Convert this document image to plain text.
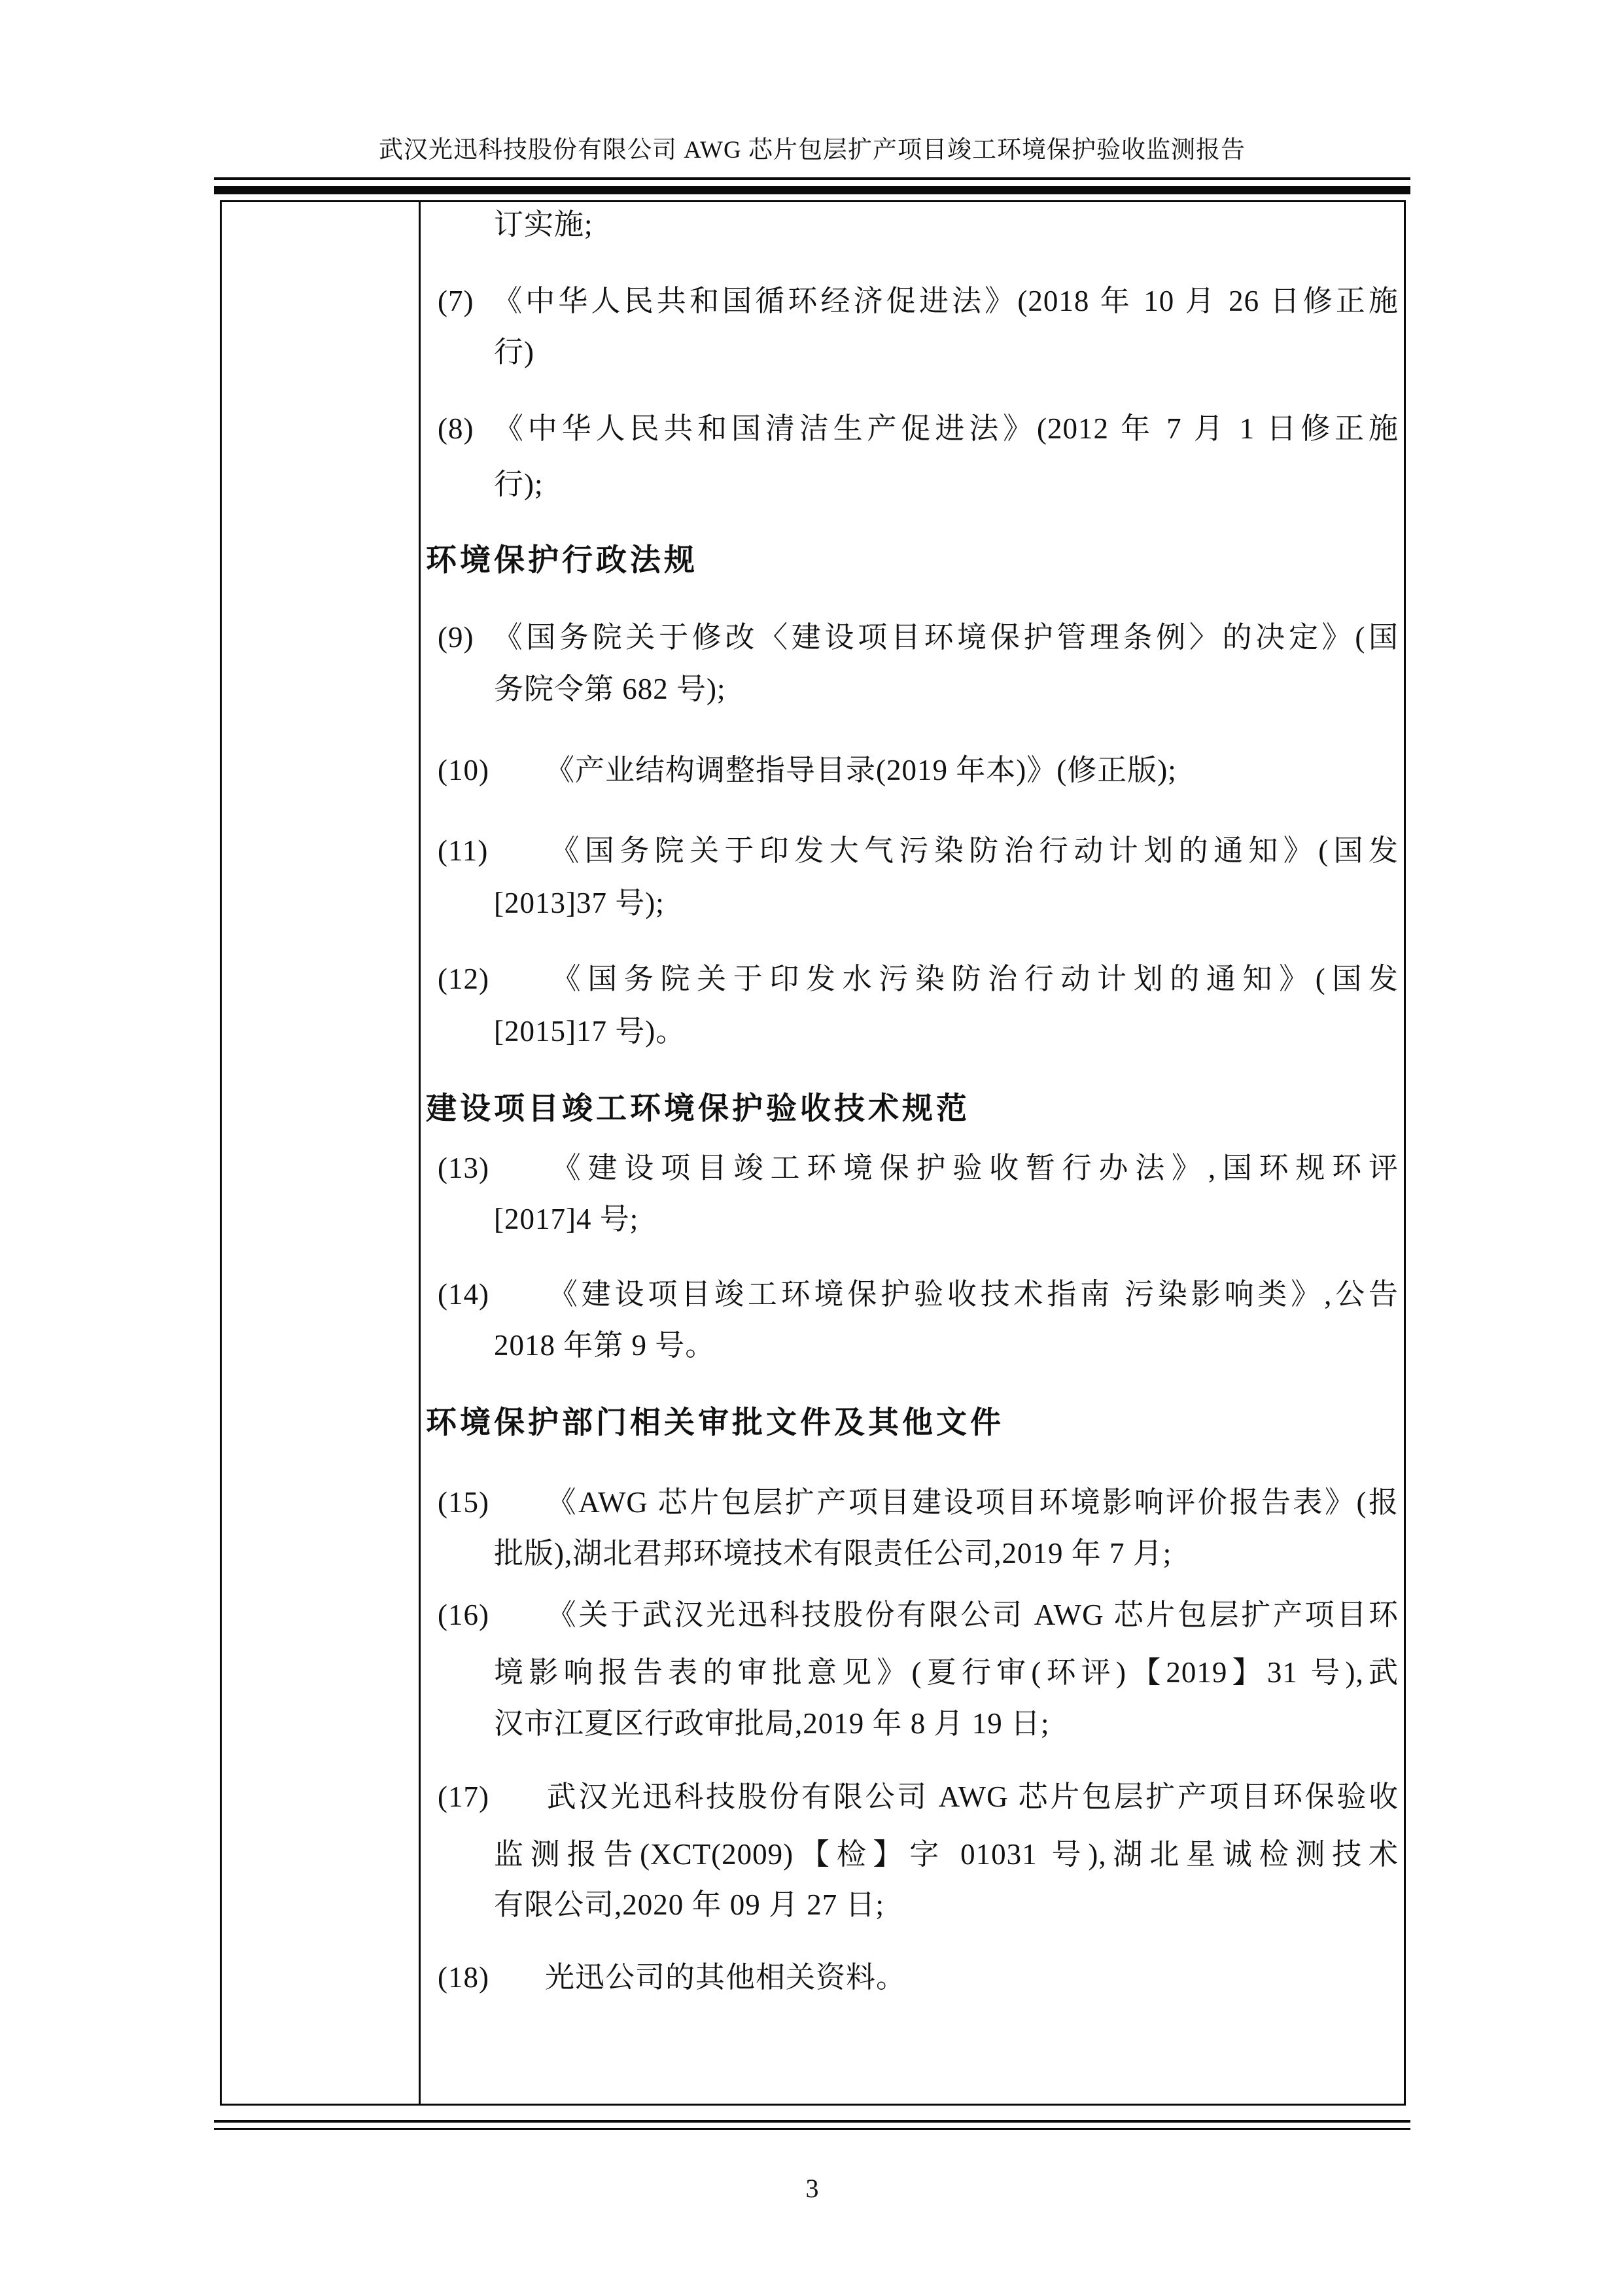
武汉光迅科技股份有限公司 AWG 芯片包层扩产项目竣工环境保护验收监测报告
订实施;
(7) 《中华人民共和国循环经济促进法》(2018 年 10 月 26 日修正施
行)
(8) 《中华人民共和国清洁生产促进法》(2012 年 7 月 1 日修正施
行);
环境保护行政法规
(9) 《国务院关于修改〈建设项目环境保护管理条例〉的决定》(国
务院令第 682 号);
(10) 《产业结构调整指导目录(2019 年本)》(修正版);
(11) 《国务院关于印发大气污染防治行动计划的通知》(国发
[2013]37 号);
(12) 《国务院关于印发水污染防治行动计划的通知》(国发
[2015]17 号)。
建设项目竣工环境保护验收技术规范
(13) 《建设项目竣工环境保护验收暂行办法》,国环规环评
[2017]4 号;
(14) 《建设项目竣工环境保护验收技术指南 污染影响类》,公告
2018 年第 9 号。
环境保护部门相关审批文件及其他文件
(15) 《AWG 芯片包层扩产项目建设项目环境影响评价报告表》(报
批版),湖北君邦环境技术有限责任公司,2019 年 7 月;
(16) 《关于武汉光迅科技股份有限公司 AWG 芯片包层扩产项目环
境影响报告表的审批意见》(夏行审(环评)【2019】31 号),武
汉市江夏区行政审批局,2019 年 8 月 19 日;
(17) 武汉光迅科技股份有限公司 AWG 芯片包层扩产项目环保验收
监测报告(XCT(2009)【检】字 01031 号),湖北星诚检测技术
有限公司,2020 年 09 月 27 日;
(18) 光迅公司的其他相关资料。
3
